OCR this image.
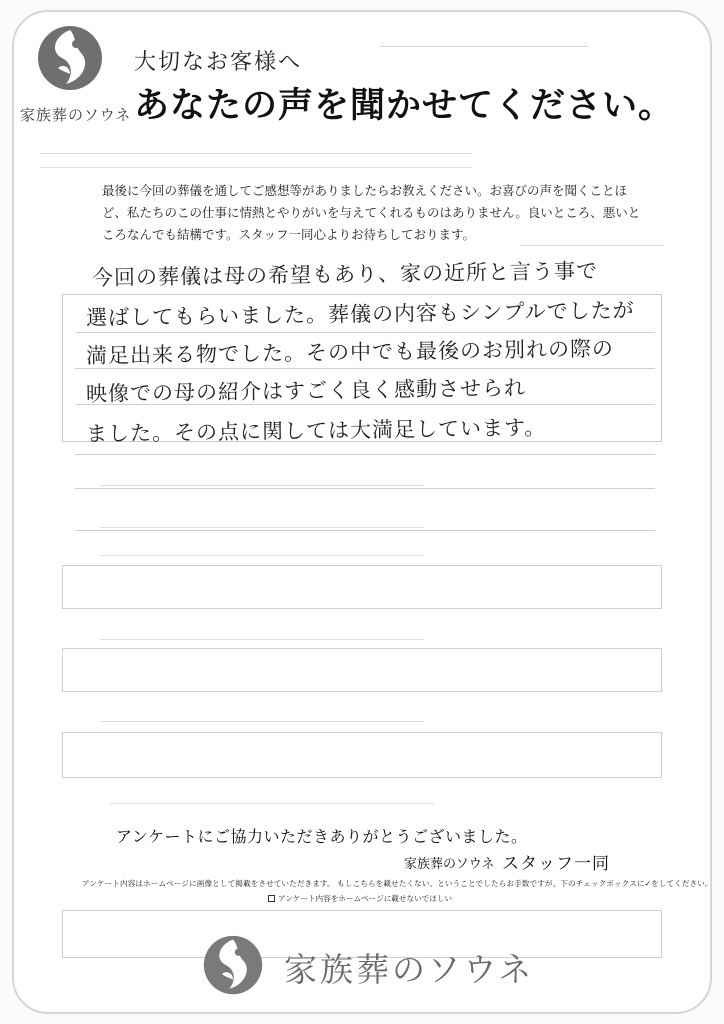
―――――――――――――
――――――――――――――――――――――――――――――――――――
――――――――――――――――――――――――――――――――――――
――――――――――――
―――――――――――――――――――――――――――
―――――――――――――――――――――――――――
―――――――――――――――――――――――――――
―――――――――――――――――――――――――――
―――――――――――――――――――――――――――
―――――――――――――――――――――――――――
家族葬のソウネ
大切なお客様へ
あなたの声を聞かせてください。
最後に今回の葬儀を通してご感想等がありましたらお教えください。お喜びの声を聞くことほど、私たちのこの仕事に情熱とやりがいを与えてくれるものはありません。良いところ、悪いところなんでも結構です。スタッフ一同心よりお待ちしております。
今回の葬儀は母の希望もあり、家の近所と言う事で
選ばしてもらいました。葬儀の内容もシンプルでしたが
満足出来る物でした。その中でも最後のお別れの際の
映像での母の紹介はすごく良く感動させられ
ました。その点に関しては大満足しています。
アンケートにご協力いただきありがとうございました。
家族葬のソウネ スタッフ一同
アンケート内容はホームページに画像として掲載をさせていただきます。 もしこちらを載せたくない、ということでしたらお手数ですが、下のチェックボックスに✓をしてください。
アンケート内容をホームページに載せないでほしい
家族葬のソウネ
